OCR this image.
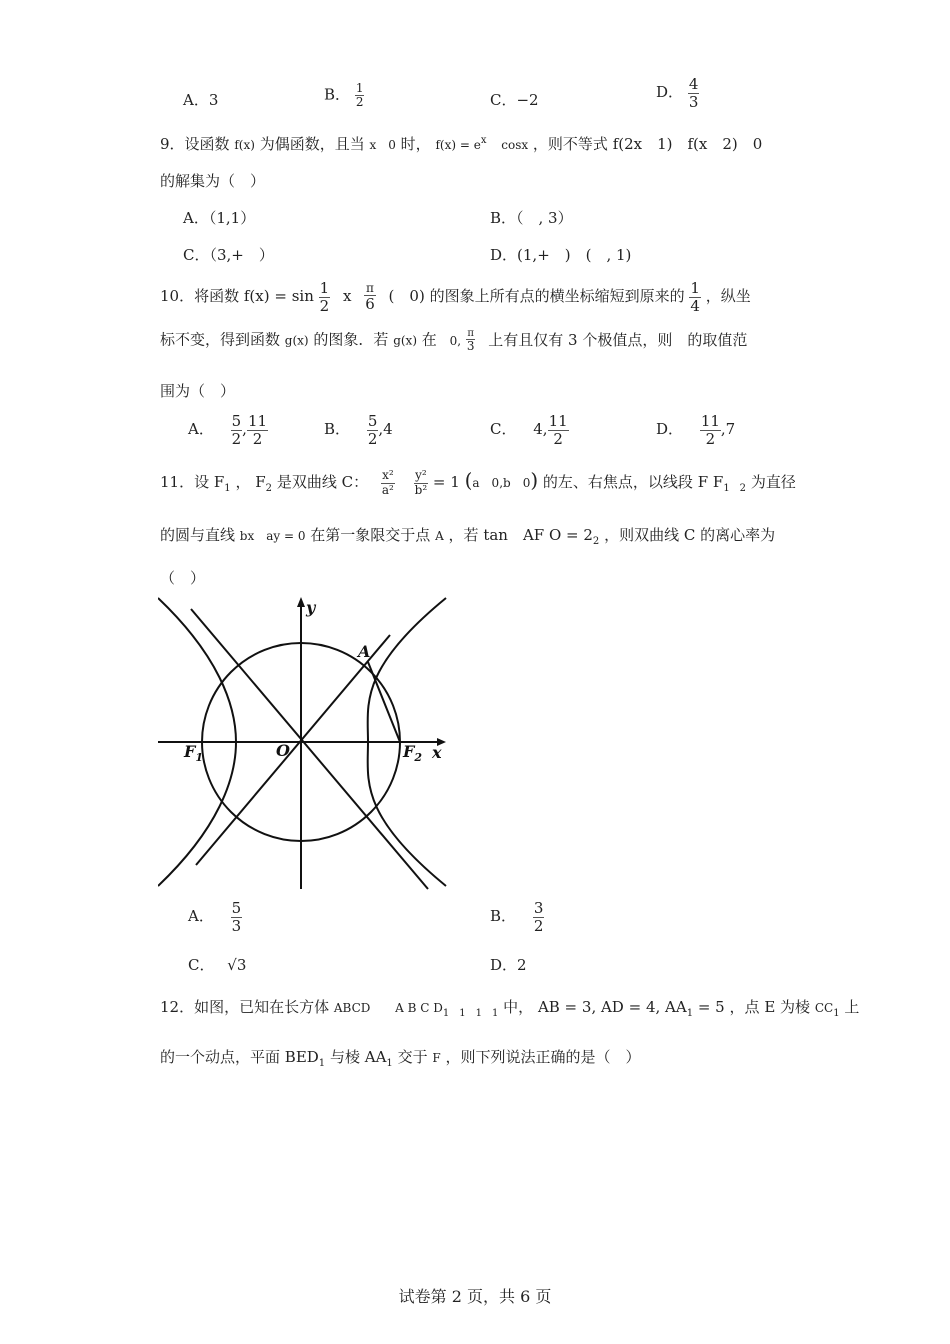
A．3	B． $\frac{1}{2}$	C．−2	D． $\frac{4}{3}$
9．设函数 f(x) 为偶函数，且当 x　0 时， $f(x) = e^x$ cosx ，则不等式 f(2x　1)　f(x　2)　0
的解集为（　）
A．（1,1）	B．（　, 3）
C．（3,+　）	D．(1,+　)　(　, 1)
10．将函数 $f(x) = \sin \frac{1}{2}$ x $\frac{\pi}{6}$ (　0) 的图象上所有点的横坐标缩短到原来的 $\frac{1}{4}$ ，纵坐
标不变，得到函数 g(x) 的图象．若 g(x) 在 0, $\frac{\pi}{3}$ 上有且仅有 3 个极值点，则　的取值范
围为（　）
A． $\frac{5}{2}$ , $\frac{11}{2}$	B． $\frac{5}{2} ,4$	C． 4, $\frac{11}{2}$	D． $\frac{11}{2} ,7$
11．设 $F_1$ ， $F_2$ 是双曲线 C： $\frac{\text{x²}}{\text{a²}}$
$\frac{\text{y²}}{\text{b²}} = 1$ (a　0,b　0) 的左、右焦点，以线段 F $F_{1 2}$ 为直径
的圆与直线 bx　ay = 0 在第一象限交于点 A ，若 tan　AF $O = 2_2$ ，则双曲线 C 的离心率为
（　）
y
x
A
O
$F_1$	$F_2$
A． $\frac{5}{3}$	B． $\frac{3}{2}$
C． √3	D．2
12．如图，已知在长方体 ABCD A B C $D_{1 1 1 1}$ 中， AB = 3, AD = 4, $AA_1 = 5$ ，点 E 为棱 $CC_1$ 上
的一个动点，平面 $BED_1$ 与棱 $AA_1$ 交于 F ，则下列说法正确的是（　）
试卷第 2 页，共 6 页
